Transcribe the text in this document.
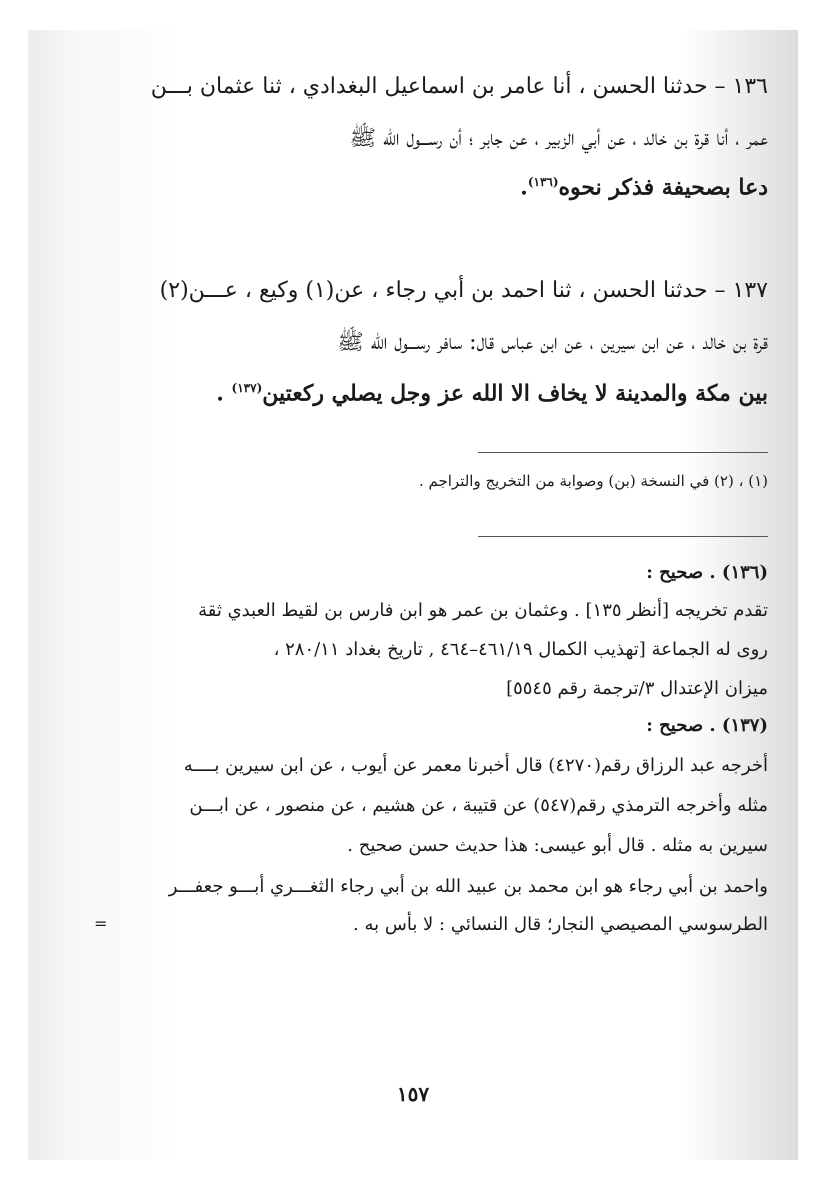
١٣٦ – حدثنا الحسن ، أنا عامر بن اسماعيل البغدادي ، ثنا عثمان بـــن
عمر ، أنا قرة بن خالد ، عن أبي الزبير ، عن جابر ؛ أن رســـول الله ﷺ
دعا بصحيفة فذكر نحوه$^{(١٣٦)}$.
١٣٧ – حدثنا الحسن ، ثنا احمد بن أبي رجاء ، عن(١) وكيع ، عـــن(٢)
قرة بن خالد ، عن ابن سيرين ، عن ابن عباس قال: سافر رســـول الله ﷺ
بين مكة والمدينة لا يخاف الا الله عز وجل يصلي ركعتين$^{(١٣٧)}$ .
(١) ، (٢) في النسخة (بن) وصوابة من التخريج والتراجم .
(١٣٦) . صحيح :
تقدم تخريجه [أنظر ١٣٥] . وعثمان بن عمر هو ابن فارس بن لقيط العبدي ثقة
روى له الجماعة [تهذيب الكمال ٤٦١/١٩–٤٦٤ , تاريخ بغداد ٢٨٠/١١ ،
ميزان الإعتدال ٣/ترجمة رقم ٥٥٤٥]
(١٣٧) . صحيح :
أخرجه عبد الرزاق رقم(٤٢٧٠) قال أخبرنا معمر عن أيوب ، عن ابن سيرين بــــه
مثله وأخرجه الترمذي رقم(٥٤٧) عن قتيبة ، عن هشيم ، عن منصور ، عن ابـــن
سيرين به مثله . قال أبو عيسى: هذا حديث حسن صحيح .
واحمد بن أبي رجاء هو ابن محمد بن عبيد الله بن أبي رجاء الثغـــري أبـــو جعفـــر
الطرسوسي المصيصي النجار؛ قال النسائي : لا بأس به .
=
١٥٧
